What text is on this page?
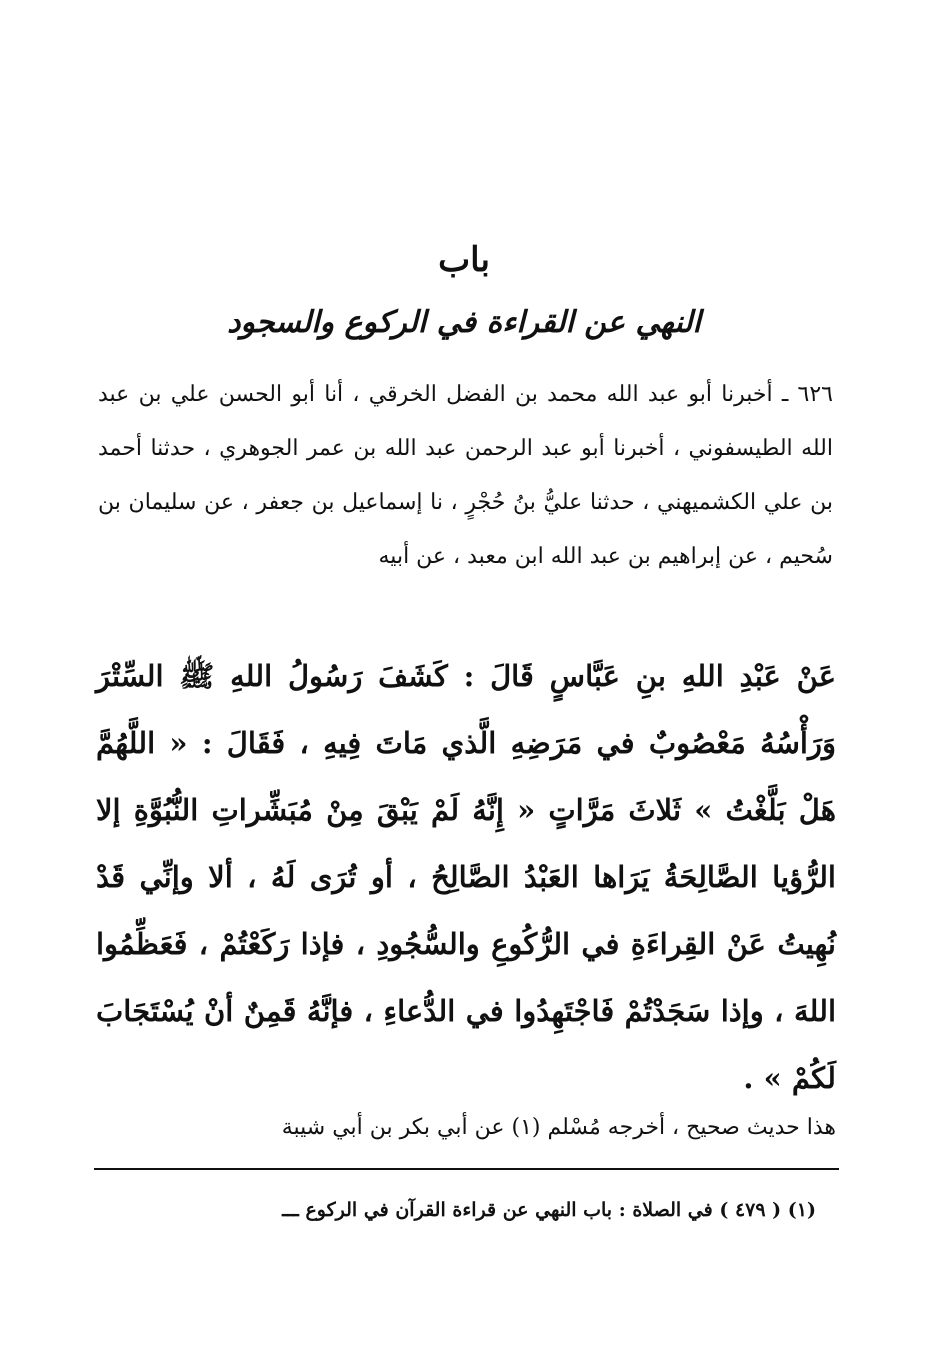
باب
النهي عن القراءة في الركوع والسجود

٦٢٦ ـ أخبرنا أبو عبد الله محمد بن الفضل الخرقي ، أنا أبو الحسن علي بن عبد الله الطيسفوني ، أخبرنا أبو عبد الرحمن عبد الله بن عمر الجوهري ، حدثنا أحمد بن علي الكشميهني ، حدثنا عليُّ بنُ حُجْرٍ ، نا إسماعيل بن جعفر ، عن سليمان بن سُحيم ، عن إبراهيم بن عبد الله ابن معبد ، عن أبيه

عَنْ عَبْدِ اللهِ بنِ عَبَّاسٍ قَالَ : كَشَفَ رَسُولُ اللهِ ﷺ السِّتْرَ وَرَأْسُهُ مَعْصُوبٌ في مَرَضِهِ الَّذي مَاتَ فِيهِ ، فَقَالَ : « اللَّهُمَّ هَلْ بَلَّغْتُ » ثَلاثَ مَرَّاتٍ « إِنَّهُ لَمْ يَبْقَ مِنْ مُبَشِّراتِ النُّبُوَّةِ إلا الرُّؤيا الصَّالِحَةُ يَرَاها العَبْدُ الصَّالِحُ ، أو تُرَى لَهُ ، ألا وإنِّي قَدْ نُهِيتُ عَنْ القِراءَةِ في الرُّكُوعِ والسُّجُودِ ، فإذا رَكَعْتُمْ ، فَعَظِّمُوا اللهَ ، وإذا سَجَدْتُمْ فَاجْتَهِدُوا في الدُّعاءِ ، فإنَّهُ قَمِنٌ أنْ يُسْتَجَابَ لَكُمْ » .

هذا حديث صحيح ، أخرجه مُسْلم (١) عن أبي بكر بن أبي شيبة

(١) ( ٤٧٩ ) في الصلاة : باب النهي عن قراءة القرآن في الركوع ـــ
